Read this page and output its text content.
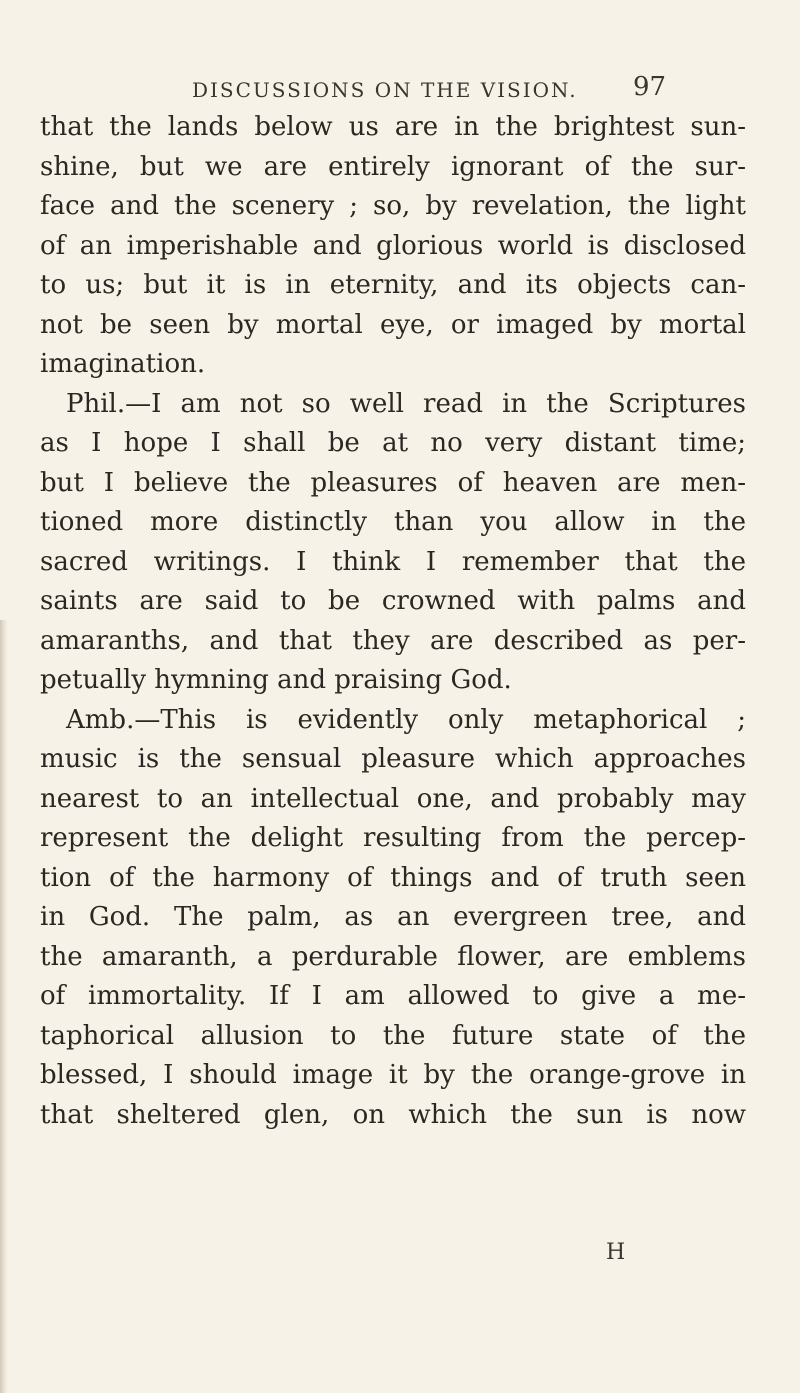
DISCUSSIONS ON THE VISION. 97
that the lands below us are in the brightest sun-
shine, but we are entirely ignorant of the sur-
face and the scenery ; so, by revelation, the light
of an imperishable and glorious world is disclosed
to us; but it is in eternity, and its objects can-
not be seen by mortal eye, or imaged by mortal
imagination.
Phil.—I am not so well read in the Scriptures
as I hope I shall be at no very distant time;
but I believe the pleasures of heaven are men-
tioned more distinctly than you allow in the
sacred writings. I think I remember that the
saints are said to be crowned with palms and
amaranths, and that they are described as per-
petually hymning and praising God.
Amb.—This is evidently only metaphorical ;
music is the sensual pleasure which approaches
nearest to an intellectual one, and probably may
represent the delight resulting from the percep-
tion of the harmony of things and of truth seen
in God. The palm, as an evergreen tree, and
the amaranth, a perdurable flower, are emblems
of immortality. If I am allowed to give a me-
taphorical allusion to the future state of the
blessed, I should image it by the orange-grove in
that sheltered glen, on which the sun is now
H
